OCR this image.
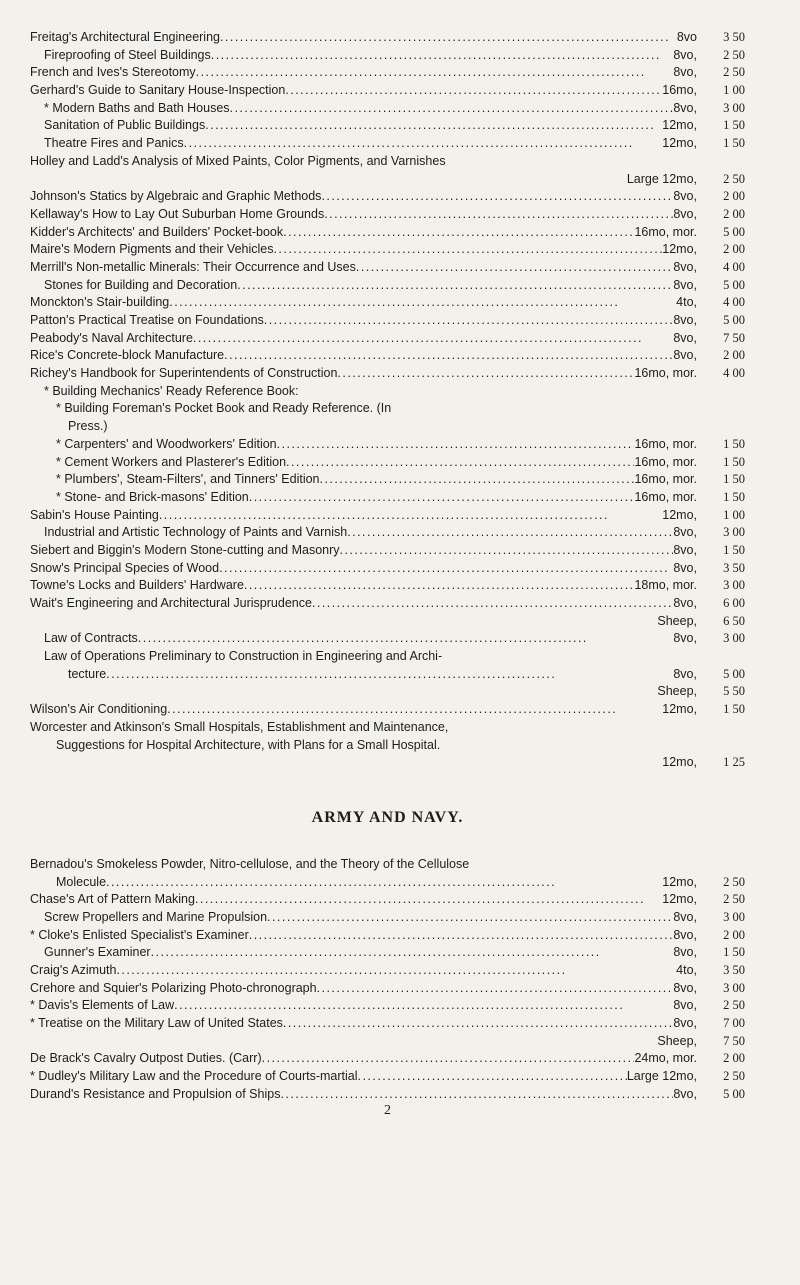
Freitag's Architectural Engineering . . .	8vo	3 50
Fireproofing of Steel Buildings . . .	8vo,	2 50
French and Ives's Stereotomy . . .	8vo,	2 50
Gerhard's Guide to Sanitary House-Inspection . . .	16mo,	1 00
* Modern Baths and Bath Houses . . .	8vo,	3 00
Sanitation of Public Buildings . . .	12mo,	1 50
Theatre Fires and Panics . . .	12mo,	1 50
Holley and Ladd's Analysis of Mixed Paints, Color Pigments, and Varnishes
Large 12mo,	2 50
Johnson's Statics by Algebraic and Graphic Methods . . .	8vo,	2 00
Kellaway's How to Lay Out Suburban Home Grounds . . .	8vo,	2 00
Kidder's Architects' and Builders' Pocket-book . . .	16mo, mor.	5 00
Maire's Modern Pigments and their Vehicles . . .	12mo,	2 00
Merrill's Non-metallic Minerals: Their Occurrence and Uses . . .	8vo,	4 00
Stones for Building and Decoration . . .	8vo,	5 00
Monckton's Stair-building . . .	4to,	4 00
Patton's Practical Treatise on Foundations . . .	8vo,	5 00
Peabody's Naval Architecture . . .	8vo,	7 50
Rice's Concrete-block Manufacture . . .	8vo,	2 00
Richey's Handbook for Superintendents of Construction . . .	16mo, mor.	4 00
* Building Mechanics' Ready Reference Book:
* Building Foreman's Pocket Book and Ready Reference. (In
Press.)
* Carpenters' and Woodworkers' Edition . . .	16mo, mor.	1 50
* Cement Workers and Plasterer's Edition . . .	16mo, mor.	1 50
* Plumbers', Steam-Filters', and Tinners' Edition . . .	16mo, mor.	1 50
* Stone- and Brick-masons' Edition . . .	16mo, mor.	1 50
Sabin's House Painting . . .	12mo,	1 00
Industrial and Artistic Technology of Paints and Varnish . . .	8vo,	3 00
Siebert and Biggin's Modern Stone-cutting and Masonry . . .	8vo,	1 50
Snow's Principal Species of Wood . . .	8vo,	3 50
Towne's Locks and Builders' Hardware . . .	18mo, mor.	3 00
Wait's Engineering and Architectural Jurisprudence . . .	8vo,	6 00
Sheep,	6 50
Law of Contracts . . .	8vo,	3 00
Law of Operations Preliminary to Construction in Engineering and Archi-
tecture . . .	8vo,	5 00
Sheep,	5 50
Wilson's Air Conditioning . . .	12mo,	1 50
Worcester and Atkinson's Small Hospitals, Establishment and Maintenance,
Suggestions for Hospital Architecture, with Plans for a Small Hospital.
12mo,	1 25
ARMY AND NAVY.
Bernadou's Smokeless Powder, Nitro-cellulose, and the Theory of the Cellulose
Molecule . . .	12mo,	2 50
Chase's Art of Pattern Making . . .	12mo,	2 50
Screw Propellers and Marine Propulsion . . .	8vo,	3 00
* Cloke's Enlisted Specialist's Examiner . . .	8vo,	2 00
Gunner's Examiner . . .	8vo,	1 50
Craig's Azimuth . . .	4to,	3 50
Crehore and Squier's Polarizing Photo-chronograph . . .	8vo,	3 00
* Davis's Elements of Law . . .	8vo,	2 50
* Treatise on the Military Law of United States . . .	8vo,	7 00
Sheep,	7 50
De Brack's Cavalry Outpost Duties. (Carr) . . .	24mo, mor.	2 00
* Dudley's Military Law and the Procedure of Courts-martial . . .	Large 12mo,	2 50
Durand's Resistance and Propulsion of Ships . . .	8vo,	5 00
2
